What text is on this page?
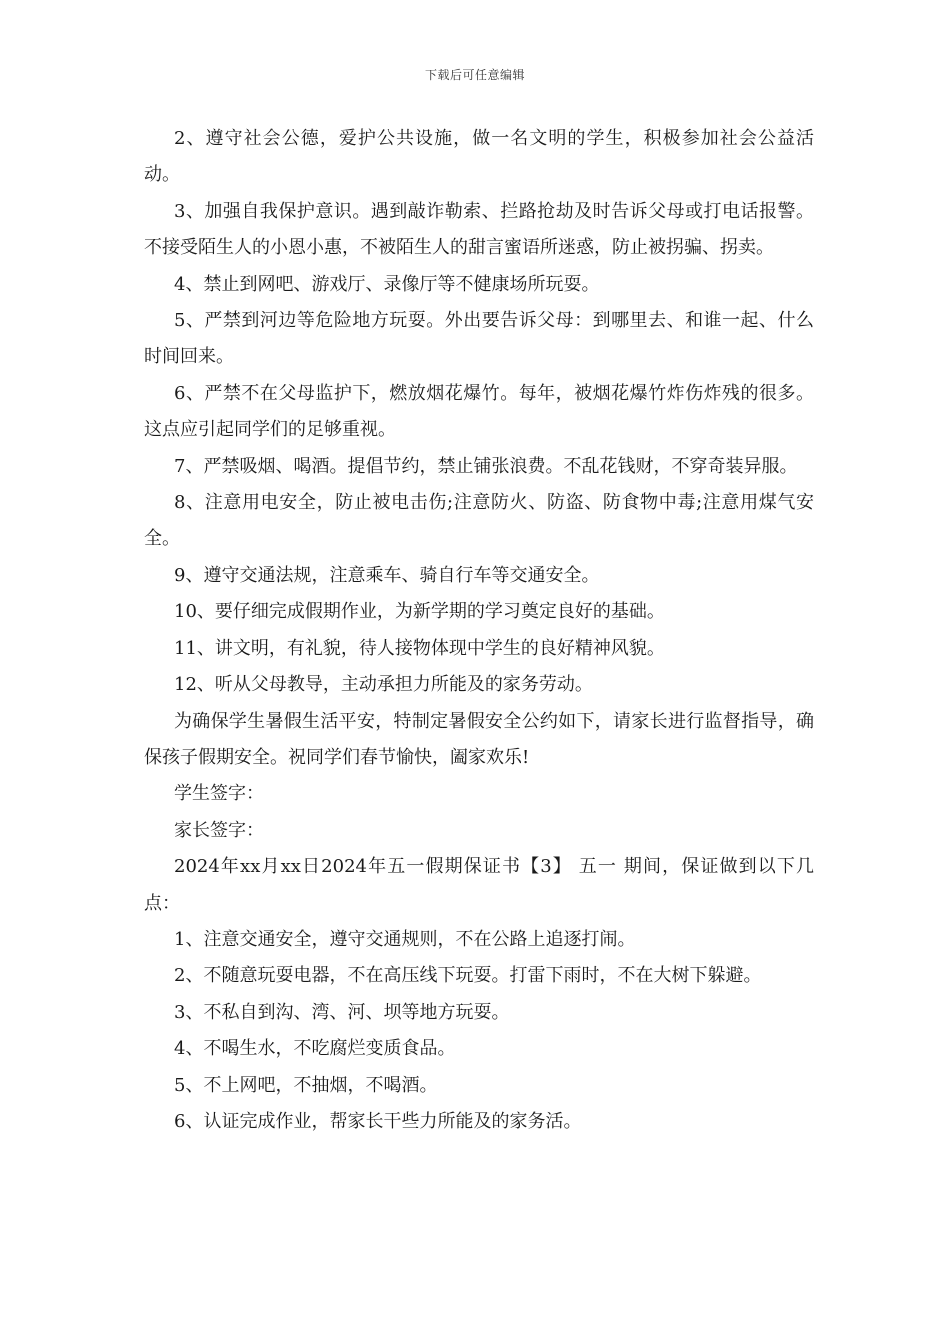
下载后可任意编辑

2、遵守社会公德，爱护公共设施，做一名文明的学生，积极参加社会公益活动。

3、加强自我保护意识。遇到敲诈勒索、拦路抢劫及时告诉父母或打电话报警。不接受陌生人的小恩小惠，不被陌生人的甜言蜜语所迷惑，防止被拐骗、拐卖。

4、禁止到网吧、游戏厅、录像厅等不健康场所玩耍。

5、严禁到河边等危险地方玩耍。外出要告诉父母：到哪里去、和谁一起、什么时间回来。

6、严禁不在父母监护下，燃放烟花爆竹。每年，被烟花爆竹炸伤炸残的很多。这点应引起同学们的足够重视。

7、严禁吸烟、喝酒。提倡节约，禁止铺张浪费。不乱花钱财，不穿奇装异服。

8、注意用电安全，防止被电击伤;注意防火、防盗、防食物中毒;注意用煤气安全。

9、遵守交通法规，注意乘车、骑自行车等交通安全。

10、要仔细完成假期作业，为新学期的学习奠定良好的基础。

11、讲文明，有礼貌，待人接物体现中学生的良好精神风貌。

12、听从父母教导，主动承担力所能及的家务劳动。

为确保学生暑假生活平安，特制定暑假安全公约如下，请家长进行监督指导，确保孩子假期安全。祝同学们春节愉快，阖家欢乐!

学生签字：

家长签字：

2024年xx月xx日2024年五一假期保证书【3】 五一 期间，保证做到以下几点：

1、注意交通安全，遵守交通规则，不在公路上追逐打闹。

2、不随意玩耍电器，不在高压线下玩耍。打雷下雨时，不在大树下躲避。

3、不私自到沟、湾、河、坝等地方玩耍。

4、不喝生水，不吃腐烂变质食品。

5、不上网吧，不抽烟，不喝酒。

6、认证完成作业，帮家长干些力所能及的家务活。
